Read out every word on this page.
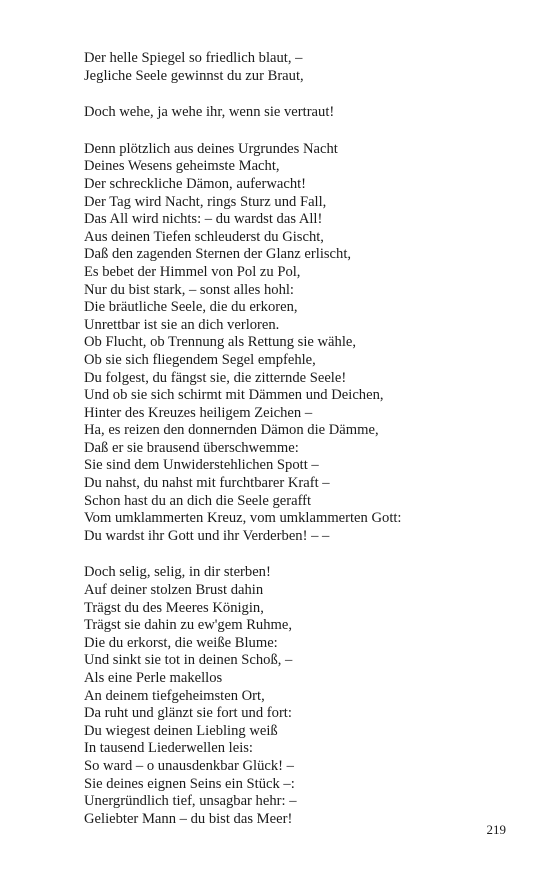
Der helle Spiegel so friedlich blaut, –
Jegliche Seele gewinnst du zur Braut,
Doch wehe, ja wehe ihr, wenn sie vertraut!
Denn plötzlich aus deines Urgrundes Nacht
Deines Wesens geheimste Macht,
Der schreckliche Dämon, auferwacht!
Der Tag wird Nacht, rings Sturz und Fall,
Das All wird nichts: – du wardst das All!
Aus deinen Tiefen schleuderst du Gischt,
Daß den zagenden Sternen der Glanz erlischt,
Es bebet der Himmel von Pol zu Pol,
Nur du bist stark, – sonst alles hohl:
Die bräutliche Seele, die du erkoren,
Unrettbar ist sie an dich verloren.
Ob Flucht, ob Trennung als Rettung sie wähle,
Ob sie sich fliegendem Segel empfehle,
Du folgest, du fängst sie, die zitternde Seele!
Und ob sie sich schirmt mit Dämmen und Deichen,
Hinter des Kreuzes heiligem Zeichen –
Ha, es reizen den donnernden Dämon die Dämme,
Daß er sie brausend überschwemme:
Sie sind dem Unwiderstehlichen Spott –
Du nahst, du nahst mit furchtbarer Kraft –
Schon hast du an dich die Seele gerafft
Vom umklammerten Kreuz, vom umklammerten Gott:
Du wardst ihr Gott und ihr Verderben! – –
Doch selig, selig, in dir sterben!
Auf deiner stolzen Brust dahin
Trägst du des Meeres Königin,
Trägst sie dahin zu ew'gem Ruhme,
Die du erkorst, die weiße Blume:
Und sinkt sie tot in deinen Schoß, –
Als eine Perle makellos
An deinem tiefgeheimsten Ort,
Da ruht und glänzt sie fort und fort:
Du wiegest deinen Liebling weiß
In tausend Liederwellen leis:
So ward – o unausdenkbar Glück! –
Sie deines eignen Seins ein Stück –:
Unergründlich tief, unsagbar hehr: –
Geliebter Mann – du bist das Meer!
219
